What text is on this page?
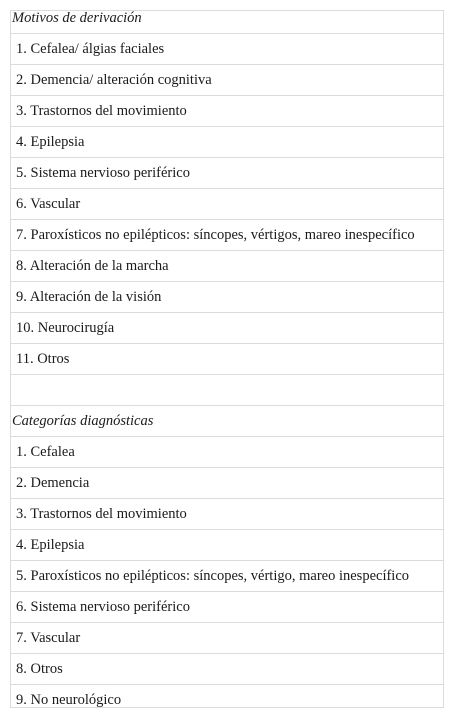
Motivos de derivación
1. Cefalea/ álgias faciales
2. Demencia/ alteración cognitiva
3. Trastornos del movimiento
4. Epilepsia
5. Sistema nervioso periférico
6. Vascular
7. Paroxísticos no epilépticos: síncopes, vértigos, mareo inespecífico
8. Alteración de la marcha
9. Alteración de la visión
10. Neurocirugía
11. Otros
Categorías diagnósticas
1. Cefalea
2. Demencia
3. Trastornos del movimiento
4. Epilepsia
5. Paroxísticos no epilépticos: síncopes, vértigo, mareo inespecífico
6. Sistema nervioso periférico
7. Vascular
8. Otros
9. No neurológico
